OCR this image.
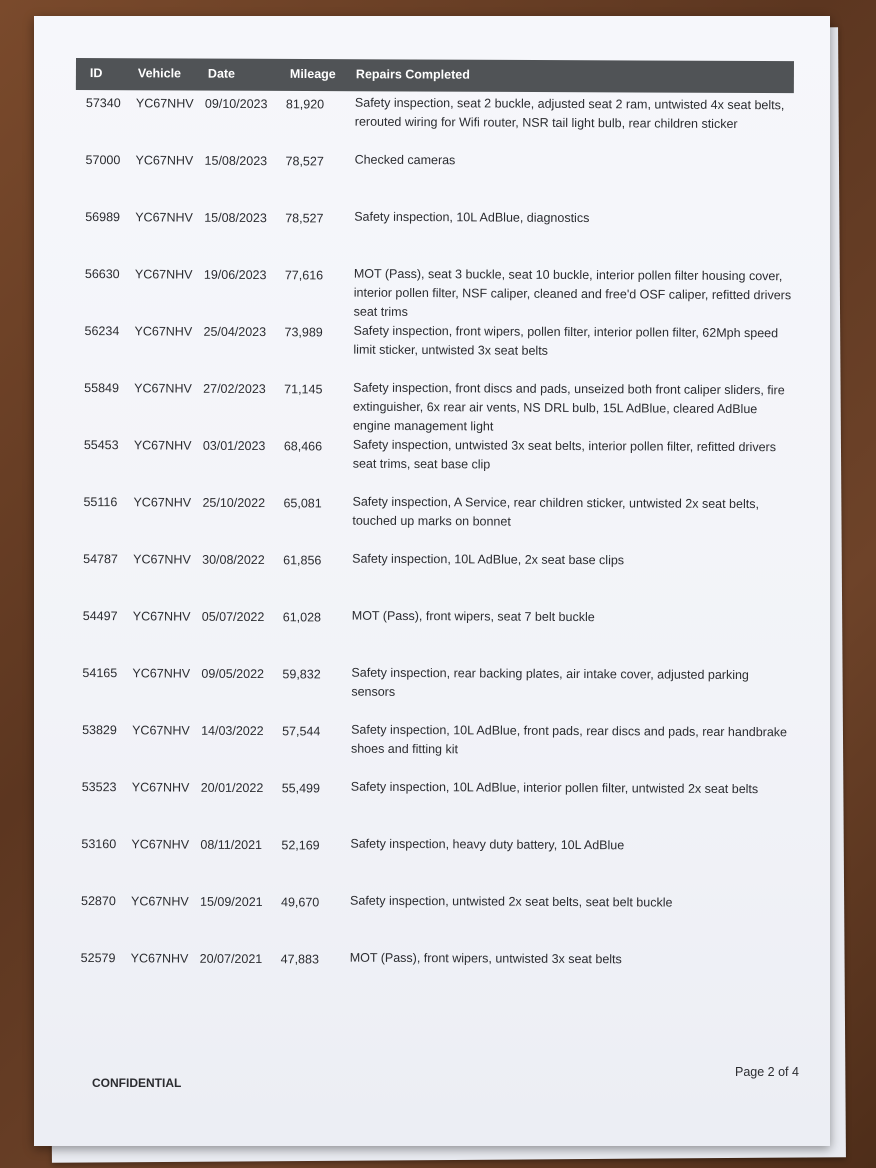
ID	Vehicle Date	Mileage Repairs Completed
57340 YC67NHV 09/10/2023 81,920 Safety inspection, seat 2 buckle, adjusted seat 2 ram, untwisted 4x seat belts, rerouted wiring for Wifi router, NSR tail light bulb, rear children sticker
57000 YC67NHV 15/08/2023 78,527 Checked cameras
56989 YC67NHV 15/08/2023 78,527 Safety inspection, 10L AdBlue, diagnostics
56630 YC67NHV 19/06/2023 77,616 MOT (Pass), seat 3 buckle, seat 10 buckle, interior pollen filter housing cover, interior pollen filter, NSF caliper, cleaned and free'd OSF caliper, refitted drivers seat trims
56234 YC67NHV 25/04/2023 73,989 Safety inspection, front wipers, pollen filter, interior pollen filter, 62Mph speed limit sticker, untwisted 3x seat belts
55849 YC67NHV 27/02/2023 71,145 Safety inspection, front discs and pads, unseized both front caliper sliders, fire extinguisher, 6x rear air vents, NS DRL bulb, 15L AdBlue, cleared AdBlue engine management light
55453 YC67NHV 03/01/2023 68,466 Safety inspection, untwisted 3x seat belts, interior pollen filter, refitted drivers seat trims, seat base clip
55116 YC67NHV 25/10/2022 65,081 Safety inspection, A Service, rear children sticker, untwisted 2x seat belts, touched up marks on bonnet
54787 YC67NHV 30/08/2022 61,856 Safety inspection, 10L AdBlue, 2x seat base clips
54497 YC67NHV 05/07/2022 61,028 MOT (Pass), front wipers, seat 7 belt buckle
54165 YC67NHV 09/05/2022 59,832 Safety inspection, rear backing plates, air intake cover, adjusted parking sensors
53829 YC67NHV 14/03/2022 57,544 Safety inspection, 10L AdBlue, front pads, rear discs and pads, rear handbrake shoes and fitting kit
53523 YC67NHV 20/01/2022 55,499 Safety inspection, 10L AdBlue, interior pollen filter, untwisted 2x seat belts
53160 YC67NHV 08/11/2021 52,169 Safety inspection, heavy duty battery, 10L AdBlue
52870 YC67NHV 15/09/2021 49,670 Safety inspection, untwisted 2x seat belts, seat belt buckle
52579 YC67NHV 20/07/2021 47,883 MOT (Pass), front wipers, untwisted 3x seat belts
CONFIDENTIAL
Page 2 of 4
